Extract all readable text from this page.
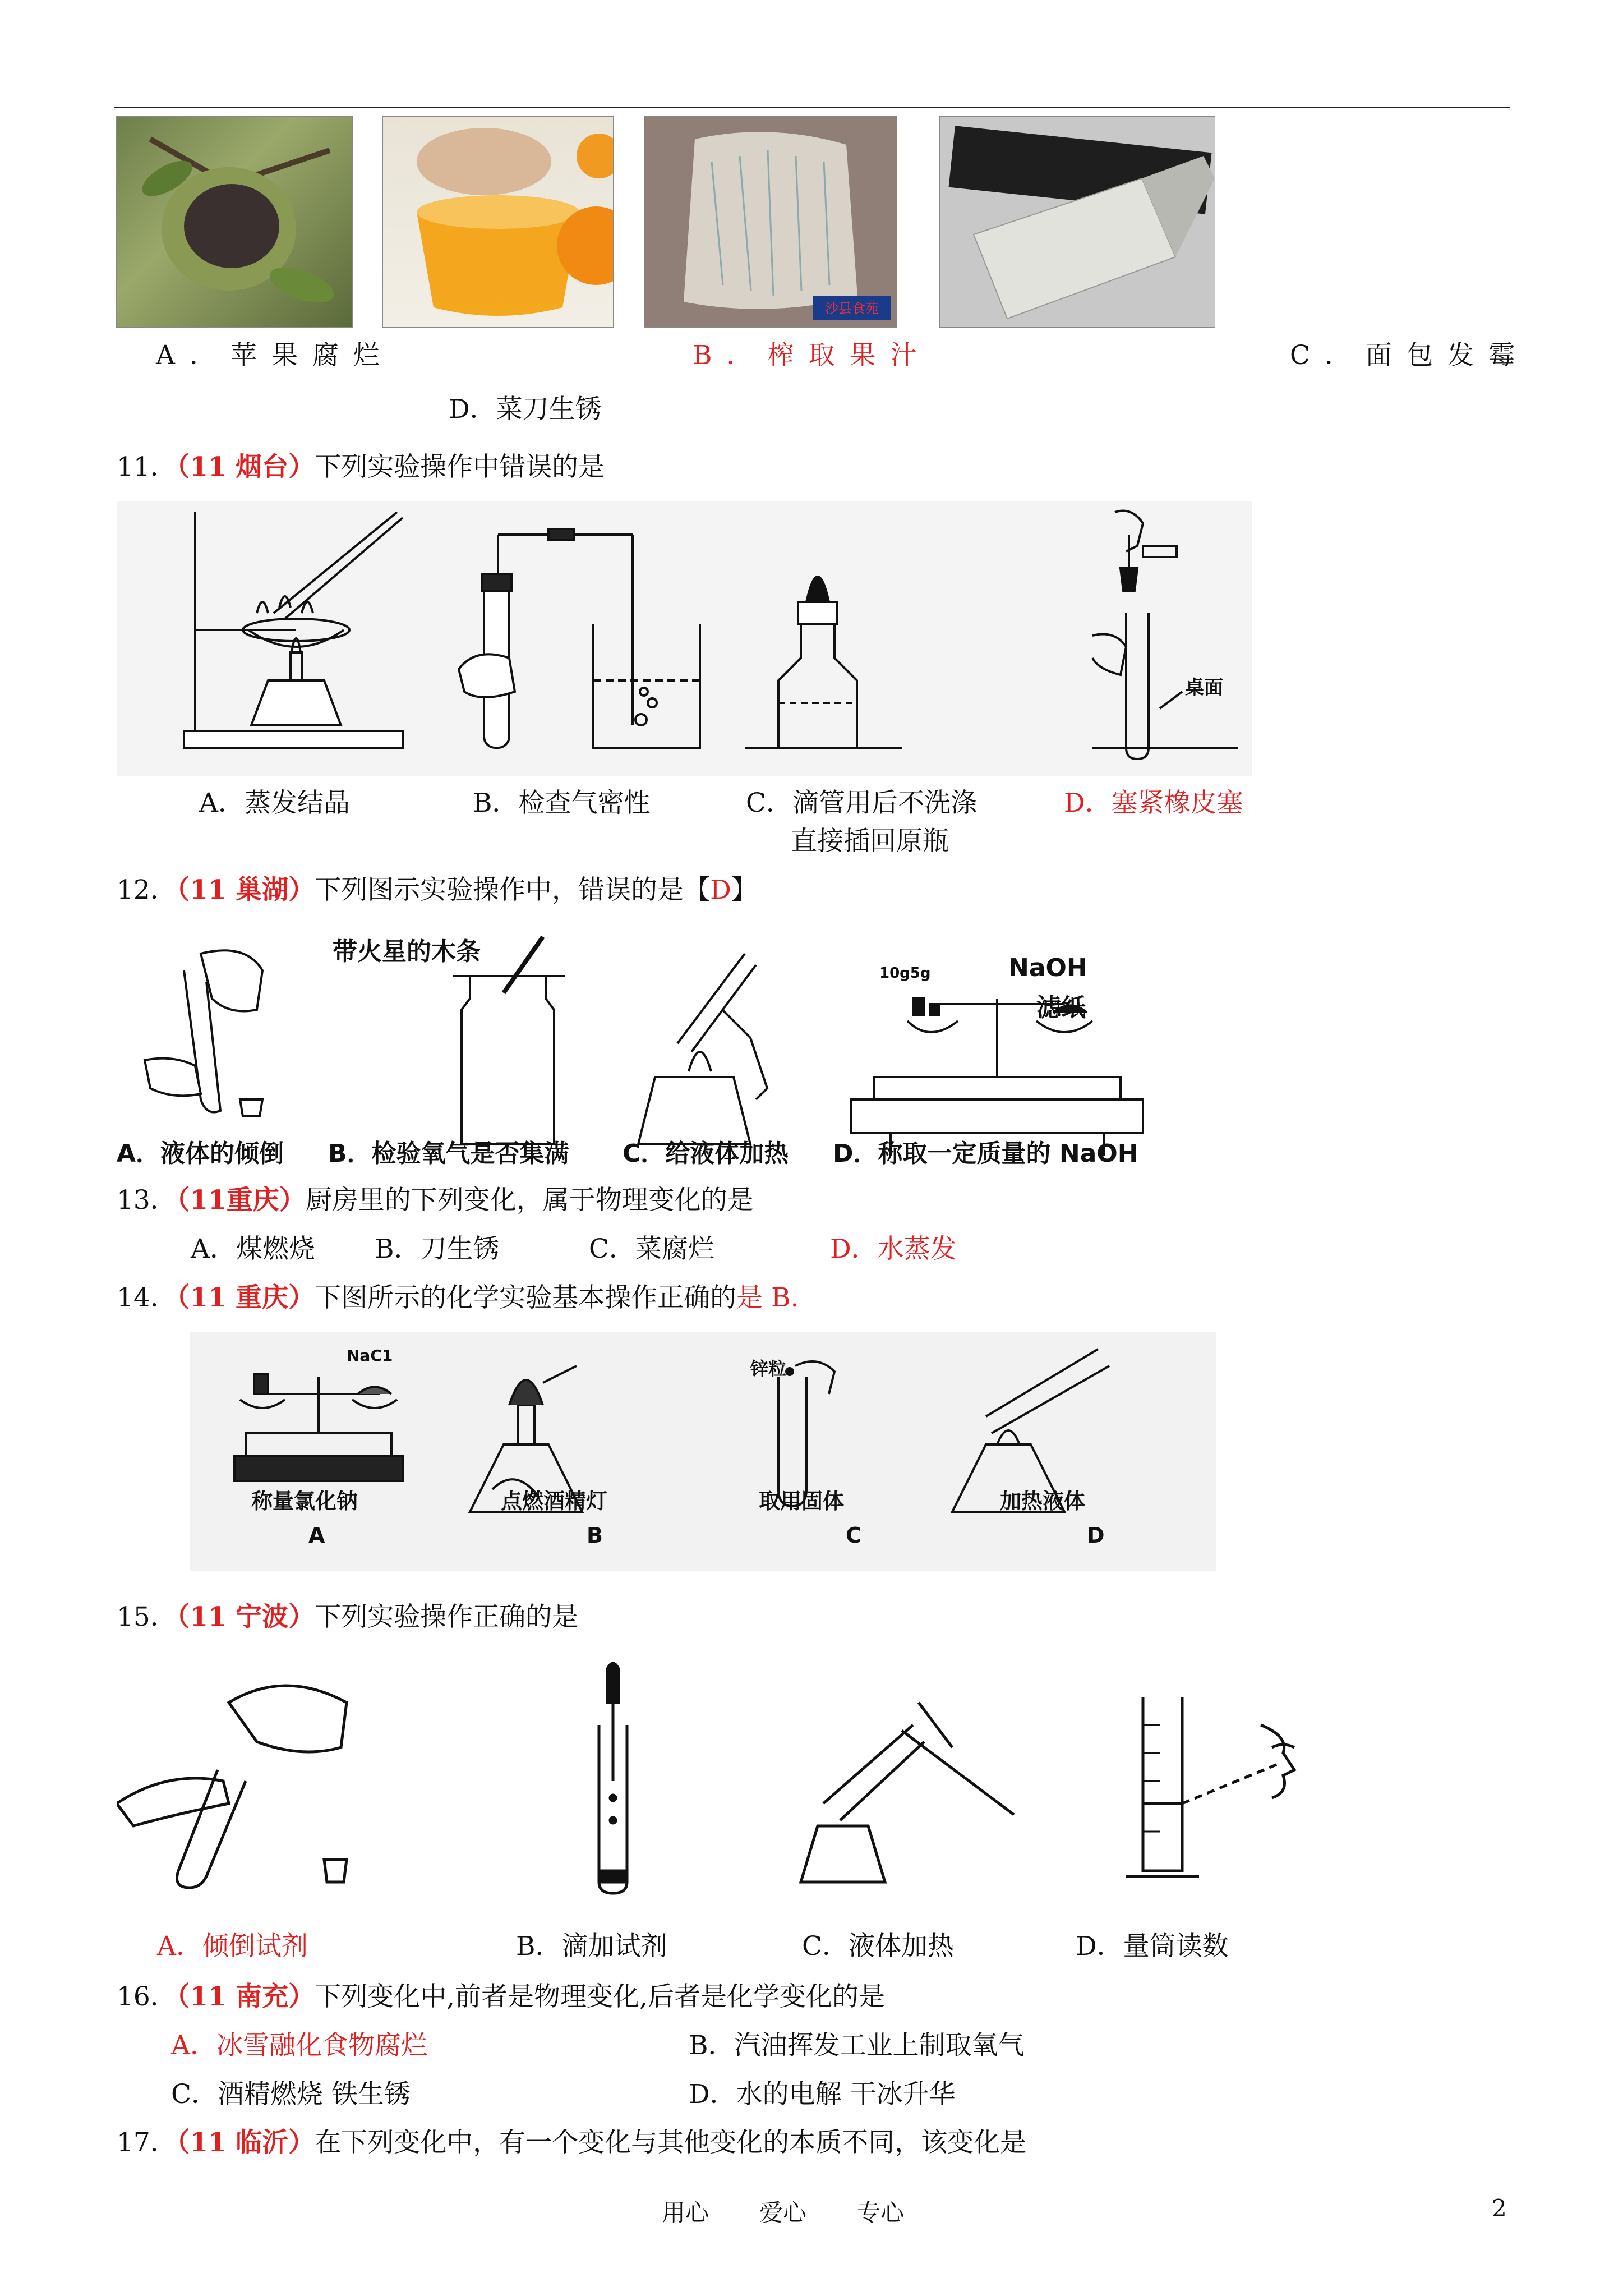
沙县食苑
A．苹果腐烂	B．榨取果汁	C．面包发霉
D．菜刀生锈
11．（11 烟台）下列实验操作中错误的是
桌面
A．蒸发结晶	B．检查气密性	C．滴管用后不洗涤
直接插回原瓶
D．塞紧橡皮塞
12．（11 巢湖）下列图示实验操作中，错误的是【D】
带火星的木条
NaOH
滤纸
10g5g
A．液体的倾倒 B．检验氧气是否集满 C．给液体加热 D．称取一定质量的 NaOH
13．（11重庆）厨房里的下列变化，属于物理变化的是
A．煤燃烧 B．刀生锈	C．菜腐烂	D．水蒸发
14．（11 重庆）下图所示的化学实验基本操作正确的是 B.
NaC1
锌粒
称量氯化钠	点燃酒精灯	取用固体	加热液体
A	B	C	D
15．（11 宁波）下列实验操作正确的是
A．倾倒试剂	B．滴加试剂	C．液体加热	D．量筒读数
16．（11 南充）下列变化中,前者是物理变化,后者是化学变化的是
A．冰雪融化食物腐烂	B．汽油挥发工业上制取氧气
C．酒精燃烧 铁生锈	D．水的电解 干冰升华
17．（11 临沂）在下列变化中，有一个变化与其他变化的本质不同，该变化是
用心 爱心 专心	2
